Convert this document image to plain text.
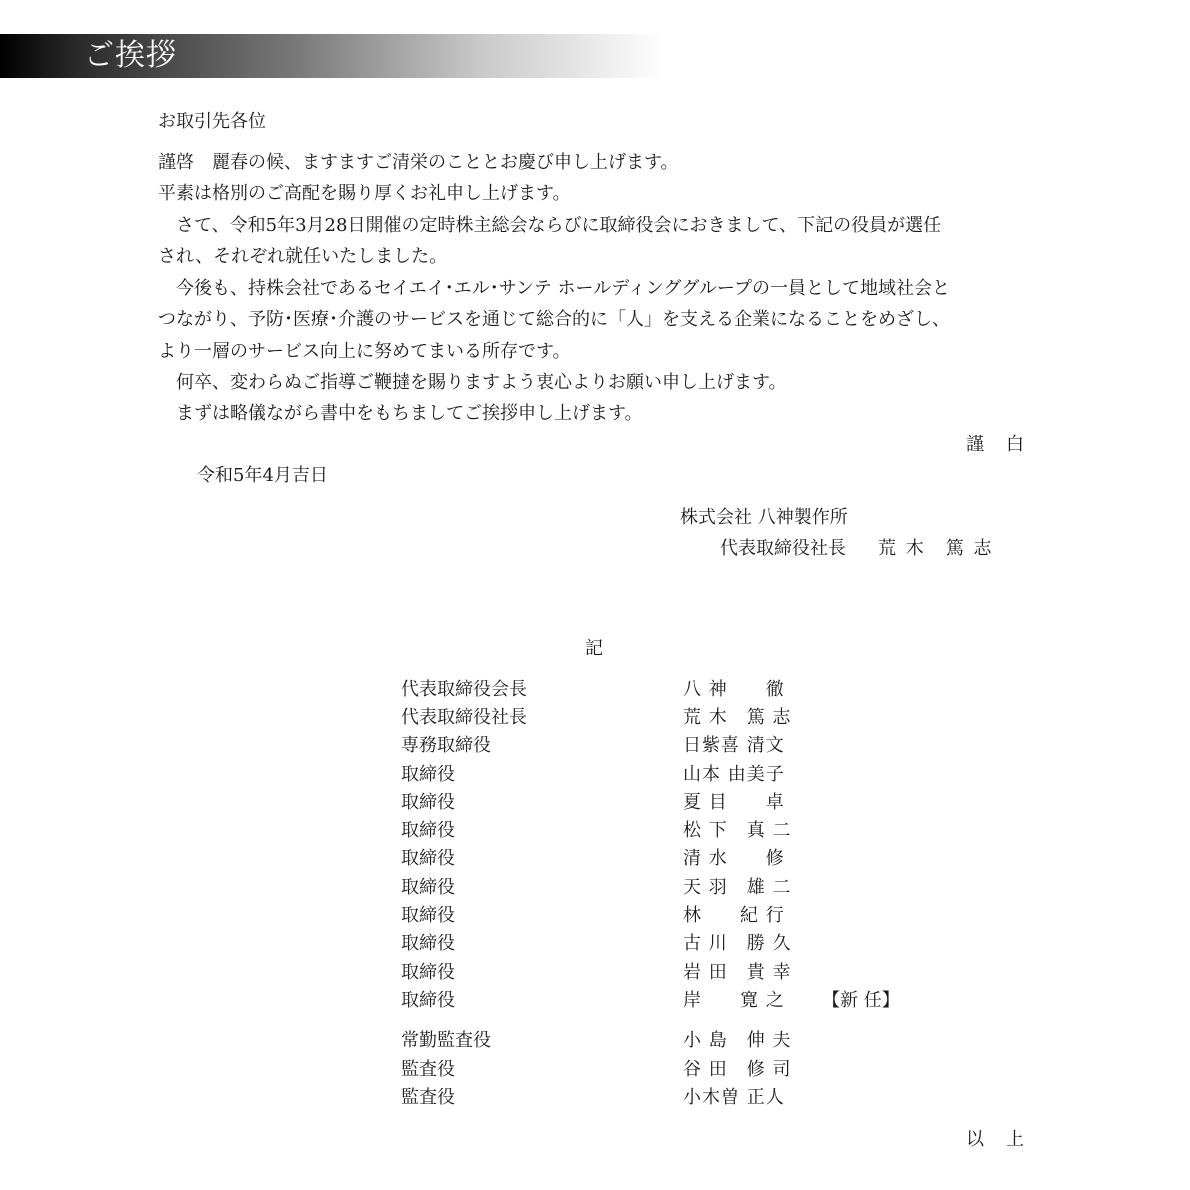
ご挨拶
お取引先各位
謹啓　麗春の候、ますますご清栄のこととお慶び申し上げます。
平素は格別のご高配を賜り厚くお礼申し上げます。
　さて、令和5年3月28日開催の定時株主総会ならびに取締役会におきまして、下記の役員が選任
され、それぞれ就任いたしました。
　今後も、持株会社であるセイエイ･エル･サンテ ホールディンググループの一員として地域社会と
つながり、予防･医療･介護のサービスを通じて総合的に「人」を支える企業になることをめざし、
より一層のサービス向上に努めてまいる所存です。
　何卒、変わらぬご指導ご鞭撻を賜りますよう衷心よりお願い申し上げます。
　まずは略儀ながら書中をもちましてご挨拶申し上げます。
謹　白
令和5年4月吉日
株式会社 八神製作所
代表取締役社長 荒 木　篤 志
記
代表取締役会長	八 神　　徹
代表取締役社長	荒 木　篤 志
専務取締役	日紫喜 清文
取締役	山本 由美子
取締役	夏 目　　卓
取締役	松 下　真 二
取締役	清 水　　修
取締役	天 羽　雄 二
取締役	林　　紀 行
取締役	古 川　勝 久
取締役	岩 田　貴 幸
取締役	岸　　寛 之 【新 任】
常勤監査役	小 島　伸 夫
監査役	谷 田　修 司
監査役	小木曽 正人
以　上
